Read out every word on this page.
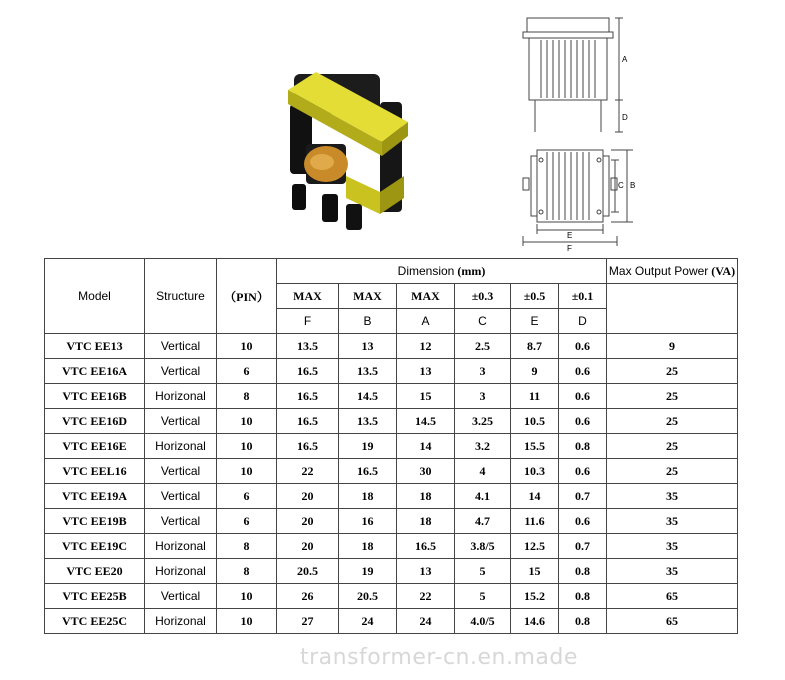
A
D
C B
E
F
Model	Structure	（PIN）	Dimension (mm)						Max Output Power (VA)
			MAX	MAX	MAX	±0.3	±0.5	±0.1	
			F	B	A	C	E	D	
VTC EE13	Vertical	10	13.5	13	12	2.5	8.7	0.6	9
VTC EE16A	Vertical	6	16.5	13.5	13	3	9	0.6	25
VTC EE16B	Horizonal	8	16.5	14.5	15	3	11	0.6	25
VTC EE16D	Vertical	10	16.5	13.5	14.5	3.25	10.5	0.6	25
VTC EE16E	Horizonal	10	16.5	19	14	3.2	15.5	0.8	25
VTC EEL16	Vertical	10	22	16.5	30	4	10.3	0.6	25
VTC EE19A	Vertical	6	20	18	18	4.1	14	0.7	35
VTC EE19B	Vertical	6	20	16	18	4.7	11.6	0.6	35
VTC EE19C	Horizonal	8	20	18	16.5	3.8/5	12.5	0.7	35
VTC EE20	Horizonal	8	20.5	19	13	5	15	0.8	35
VTC EE25B	Vertical	10	26	20.5	22	5	15.2	0.8	65
VTC EE25C	Horizonal	10	27	24	24	4.0/5	14.6	0.8	65
transformer-cn.en.made
